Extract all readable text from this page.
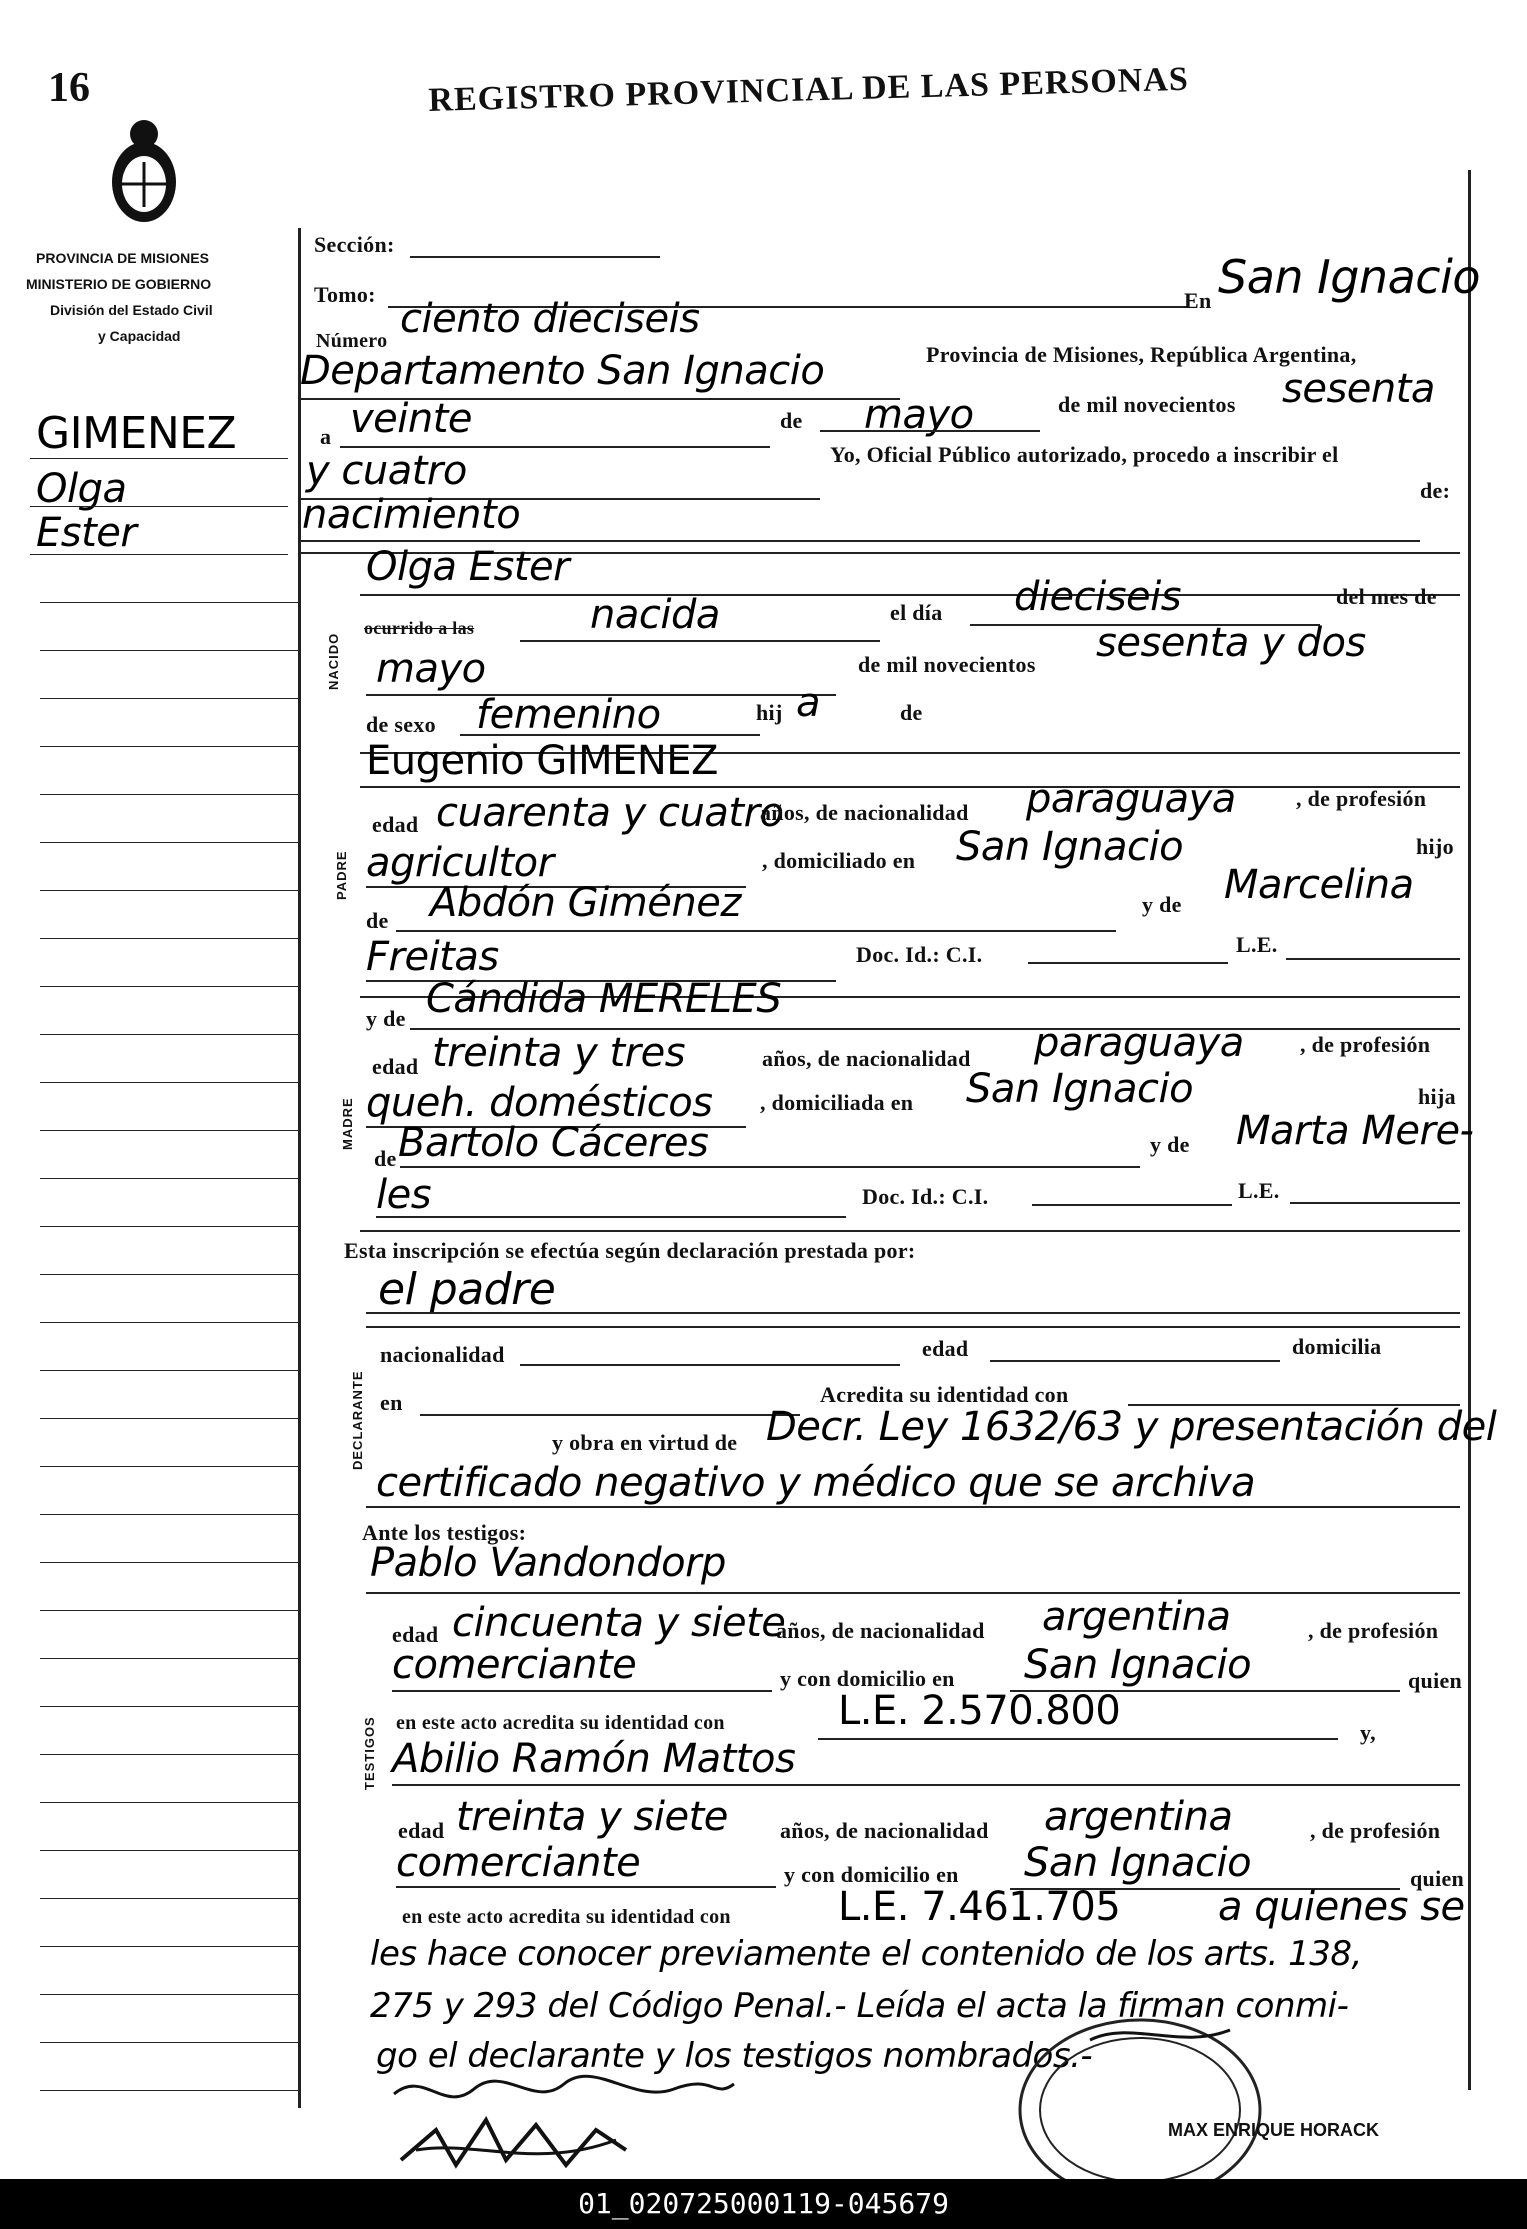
16	REGISTRO PROVINCIAL DE LAS PERSONAS
PROVINCIA DE MISIONES
MINISTERIO DE GOBIERNO
División del Estado Civil
y Capacidad
GIMENEZ
Olga
Ester
NACIDO
PADRE
MADRE
DECLARANTE
TESTIGOS
Sección:
Tomo:	En San Ignacio
Número ciento dieciseis
Departamento San Ignacio	Provincia de Misiones, República Argentina,
a veinte	de mayo	de mil novecientos sesenta
y cuatro	Yo, Oficial Público autorizado, procedo a inscribir el
nacimiento
de:
Olga Ester
ocurrido a las	nacida	el día dieciseis	del mes de
mayo	de mil novecientos sesenta y dos
de sexo femenino	hij a	de
Eugenio GIMENEZ
edad cuarenta y cuatro
años, de nacionalidad paraguaya	, de profesión
agricultor	, domiciliado en San Ignacio	hijo
de Abdón Giménez	y de Marcelina
Freitas	Doc. Id.: C.I.	L.E.
y de Cándida MERELES
edad treinta y tres	años, de nacionalidad paraguaya	, de profesión
queh. domésticos , domiciliada en San Ignacio	hija
de Bartolo Cáceres	y de Marta Mere-
les	Doc. Id.: C.I.	L.E.
Esta inscripción se efectúa según declaración prestada por:
el padre
nacionalidad	edad	domicilia
en	Acredita su identidad con
y obra en virtud de Decr. Ley 1632/63 y presentación del
certificado negativo y médico que se archiva
Ante los testigos:
Pablo Vandondorp
edad cincuenta y siete
años, de nacionalidad argentina	, de profesión
comerciante	y con domicilio en San Ignacio	quien
en este acto acredita su identidad con	L.E. 2.570.800	y,
Abilio Ramón Mattos
edad treinta y siete años, de nacionalidad argentina	, de profesión
comerciante	y con domicilio en San Ignacio	quien
en este acto acredita su identidad con	L.E. 7.461.705 a quienes se
les hace conocer previamente el contenido de los arts. 138,
275 y 293 del Código Penal.- Leída el acta la firman conmi-
go el declarante y los testigos nombrados.-
MAX ENRIQUE HORACK
01_020725000119-045679
